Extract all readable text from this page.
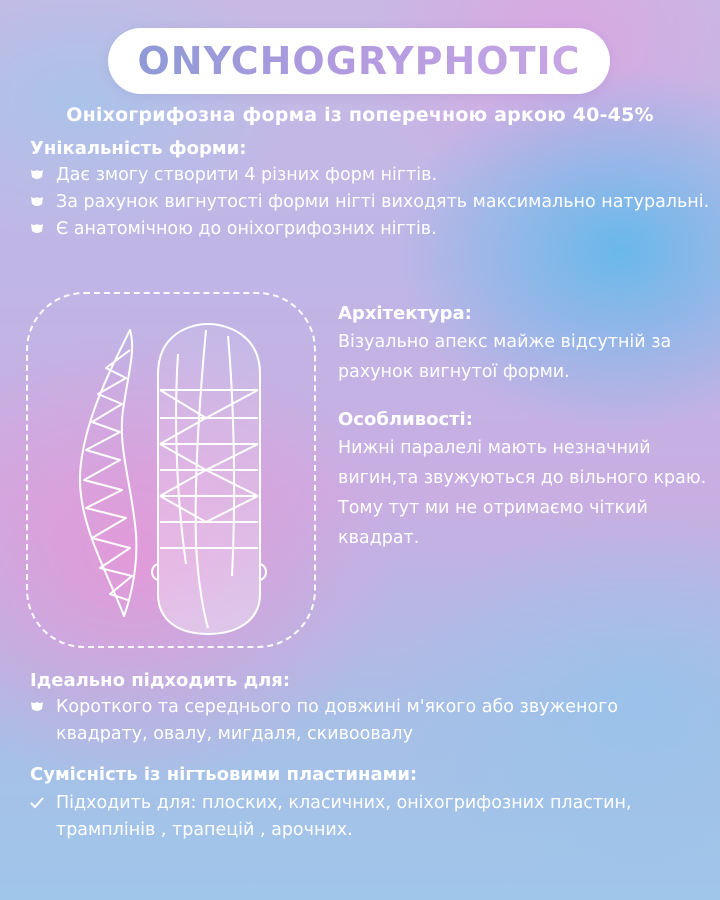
ONYCHOGRYPHOTIC
Оніхогрифозна форма із поперечною аркою 40-45%
Унікальність форми:
Дає змогу створити 4 різних форм нігтів.
За рахунок вигнутості форми нігті виходять максимально натуральні.
Є анатомічною до оніхогрифозних нігтів.
Архітектура:
Візуально апекс майже відсутній за рахунок вигнутої форми.
Особливості:
Нижні паралелі мають незначний вигин,та звужуються до вільного краю. Тому тут ми не отримаємо чіткий квадрат.
Ідеально підходить для:
Короткого та середнього по довжині м'якого або звуженого квадрату, овалу, мигдаля, скивоовалу
Сумісність із нігтьовими пластинами:
Підходить для: плоских, класичних, оніхогрифозних пластин, трамплінів , трапецій , арочних.
